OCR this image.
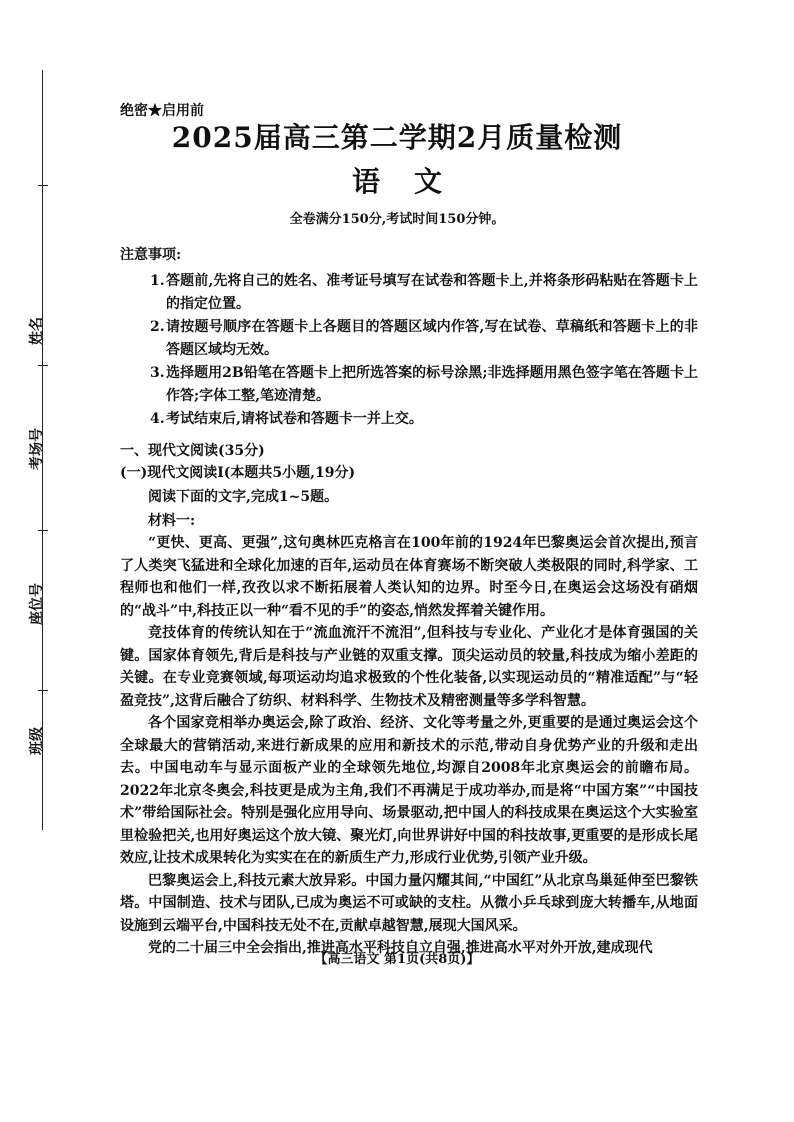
姓名
考场号
座位号
班级
绝密★启用前
2025届高三第二学期2月质量检测
语文
全卷满分150分,考试时间150分钟。
注意事项:
1. 答题前,先将自己的姓名、准考证号填写在试卷和答题卡上,并将条形码粘贴在答题卡上的指定位置。
2. 请按题号顺序在答题卡上各题目的答题区域内作答,写在试卷、草稿纸和答题卡上的非答题区域均无效。
3. 选择题用2B铅笔在答题卡上把所选答案的标号涂黑;非选择题用黑色签字笔在答题卡上作答;字体工整,笔迹清楚。
4. 考试结束后,请将试卷和答题卡一并上交。
一、现代文阅读(35分)
(一)现代文阅读Ⅰ(本题共5小题,19分)
阅读下面的文字,完成1~5题。
材料一:

“更快、更高、更强”,这句奥林匹克格言在100年前的1924年巴黎奥运会首次提出,预言了人类突飞猛进和全球化加速的百年,运动员在体育赛场不断突破人类极限的同时,科学家、工程师也和他们一样,孜孜以求不断拓展着人类认知的边界。时至今日,在奥运会这场没有硝烟的“战斗”中,科技正以一种“看不见的手”的姿态,悄然发挥着关键作用。

竞技体育的传统认知在于“流血流汗不流泪”,但科技与专业化、产业化才是体育强国的关键。国家体育领先,背后是科技与产业链的双重支撑。顶尖运动员的较量,科技成为缩小差距的关键。在专业竞赛领域,每项运动均追求极致的个性化装备,以实现运动员的“精准适配”与“轻盈竞技”,这背后融合了纺织、材料科学、生物技术及精密测量等多学科智慧。

各个国家竞相举办奥运会,除了政治、经济、文化等考量之外,更重要的是通过奥运会这个全球最大的营销活动,来进行新成果的应用和新技术的示范,带动自身优势产业的升级和走出去。中国电动车与显示面板产业的全球领先地位,均源自2008年北京奥运会的前瞻布局。2022年北京冬奥会,科技更是成为主角,我们不再满足于成功举办,而是将“中国方案”“中国技术”带给国际社会。特别是强化应用导向、场景驱动,把中国人的科技成果在奥运这个大实验室里检验把关,也用好奥运这个放大镜、聚光灯,向世界讲好中国的科技故事,更重要的是形成长尾效应,让技术成果转化为实实在在的新质生产力,形成行业优势,引领产业升级。

巴黎奥运会上,科技元素大放异彩。中国力量闪耀其间,“中国红”从北京鸟巢延伸至巴黎铁塔。中国制造、技术与团队,已成为奥运不可或缺的支柱。从微小乒乓球到庞大转播车,从地面设施到云端平台,中国科技无处不在,贡献卓越智慧,展现大国风采。

党的二十届三中全会指出,推进高水平科技自立自强,推进高水平对外开放,建成现代

【高三语文 第1页(共8页)】
